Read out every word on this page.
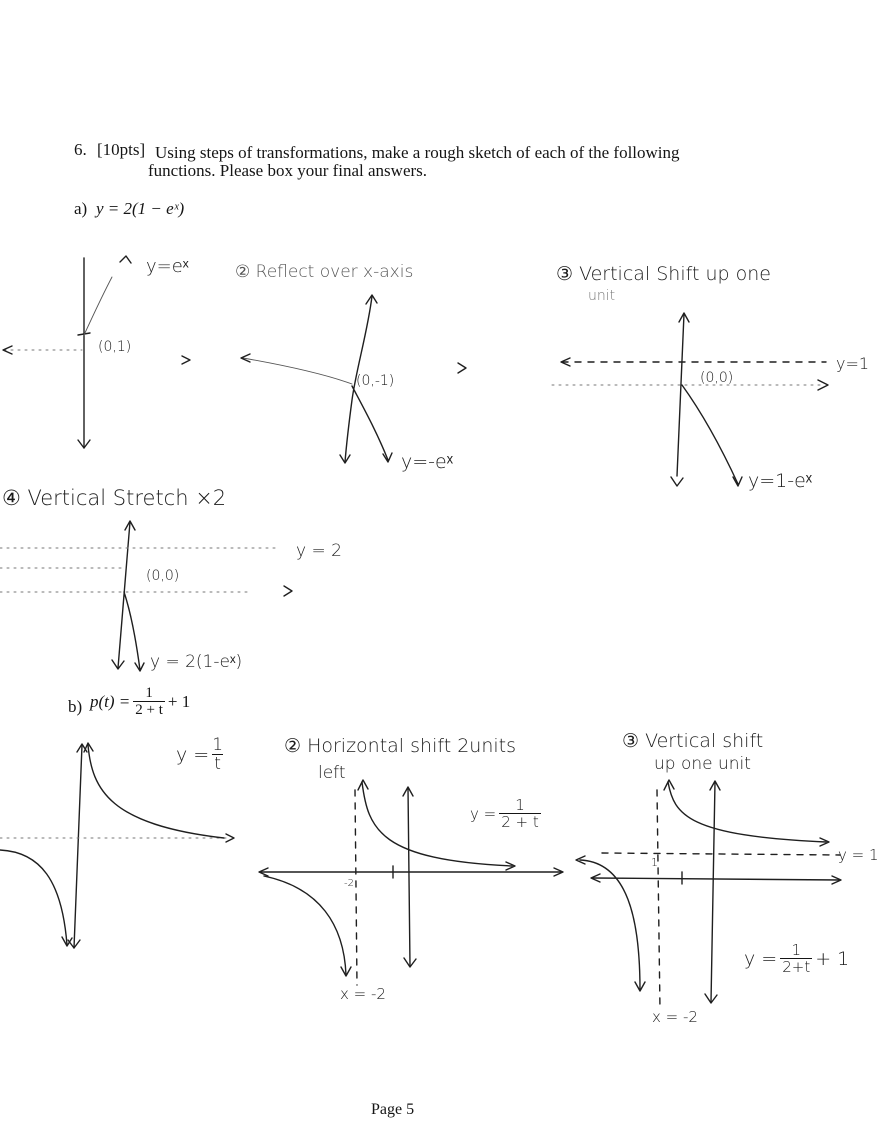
6. [10pts] Using steps of transformations, make a rough sketch of each of the following
functions. Please box your final answers.
a) y = 2(1 − eˣ)
b) $p(t) = \frac{1}{2 + t} + 1$
y=eˣ
(0,1)
② Reflect over x-axis
(0,-1)
y=-eˣ
③ Vertical Shift up one
unit
y=1
(0,0)
y=1-eˣ
④ Vertical Stretch ×2
y = 2
(0,0)
y = 2(1-eˣ)
$y = \frac{1}{t}$	② Horizontal shift 2units
left
$y = \frac{1}{2 + t}$
-2
x = -2
③ Vertical shift
up one unit
y = 1
1
$y = \frac{1}{2+t} + 1$
x = -2
Page 5
